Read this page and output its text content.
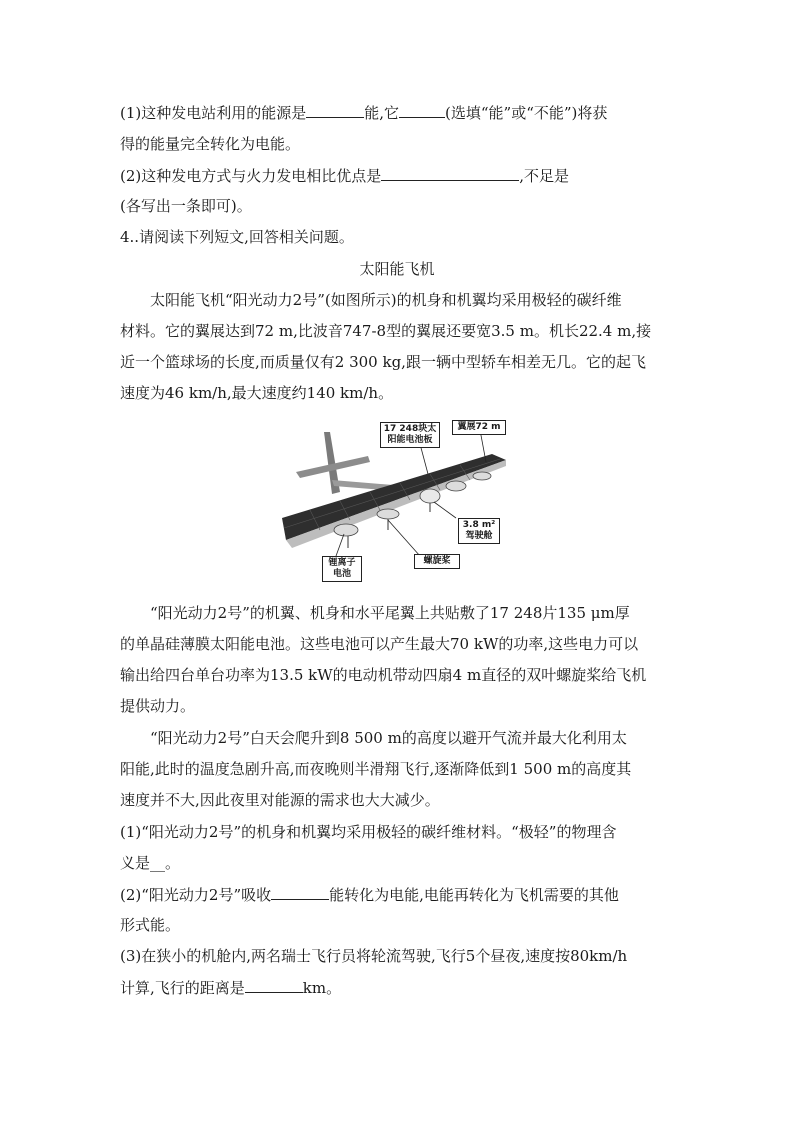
(1)这种发电站利用的能源是	能,它	(选填“能”或“不能”)将获
得的能量完全转化为电能。
(2)这种发电方式与火力发电相比优点是	,不足是
(各写出一条即可)。
4..请阅读下列短文,回答相关问题。
太阳能飞机
太阳能飞机“阳光动力2号”(如图所示)的机身和机翼均采用极轻的碳纤维
材料。它的翼展达到72 m,比波音747-8型的翼展还要宽3.5 m。机长22.4 m,接
近一个篮球场的长度,而质量仅有2 300 kg,跟一辆中型轿车相差无几。它的起飞
速度为46 km/h,最大速度约140 km/h。
17 248块太阳能电池板
翼展72 m
3.8 m² 驾驶舱
锂离子电池
螺旋桨
“阳光动力2号”的机翼、机身和水平尾翼上共贴敷了17 248片135 μm厚
的单晶硅薄膜太阳能电池。这些电池可以产生最大70 kW的功率,这些电力可以
输出给四台单台功率为13.5 kW的电动机带动四扇4 m直径的双叶螺旋桨给飞机
提供动力。
“阳光动力2号”白天会爬升到8 500 m的高度以避开气流并最大化利用太
阳能,此时的温度急剧升高,而夜晚则半滑翔飞行,逐渐降低到1 500 m的高度其
速度并不大,因此夜里对能源的需求也大大减少。
(1)“阳光动力2号”的机身和机翼均采用极轻的碳纤维材料。“极轻”的物理含
义是__。
(2)“阳光动力2号”吸收	能转化为电能,电能再转化为飞机需要的其他
形式能。
(3)在狭小的机舱内,两名瑞士飞行员将轮流驾驶,飞行5个昼夜,速度按80km/h
计算,飞行的距离是	km。
